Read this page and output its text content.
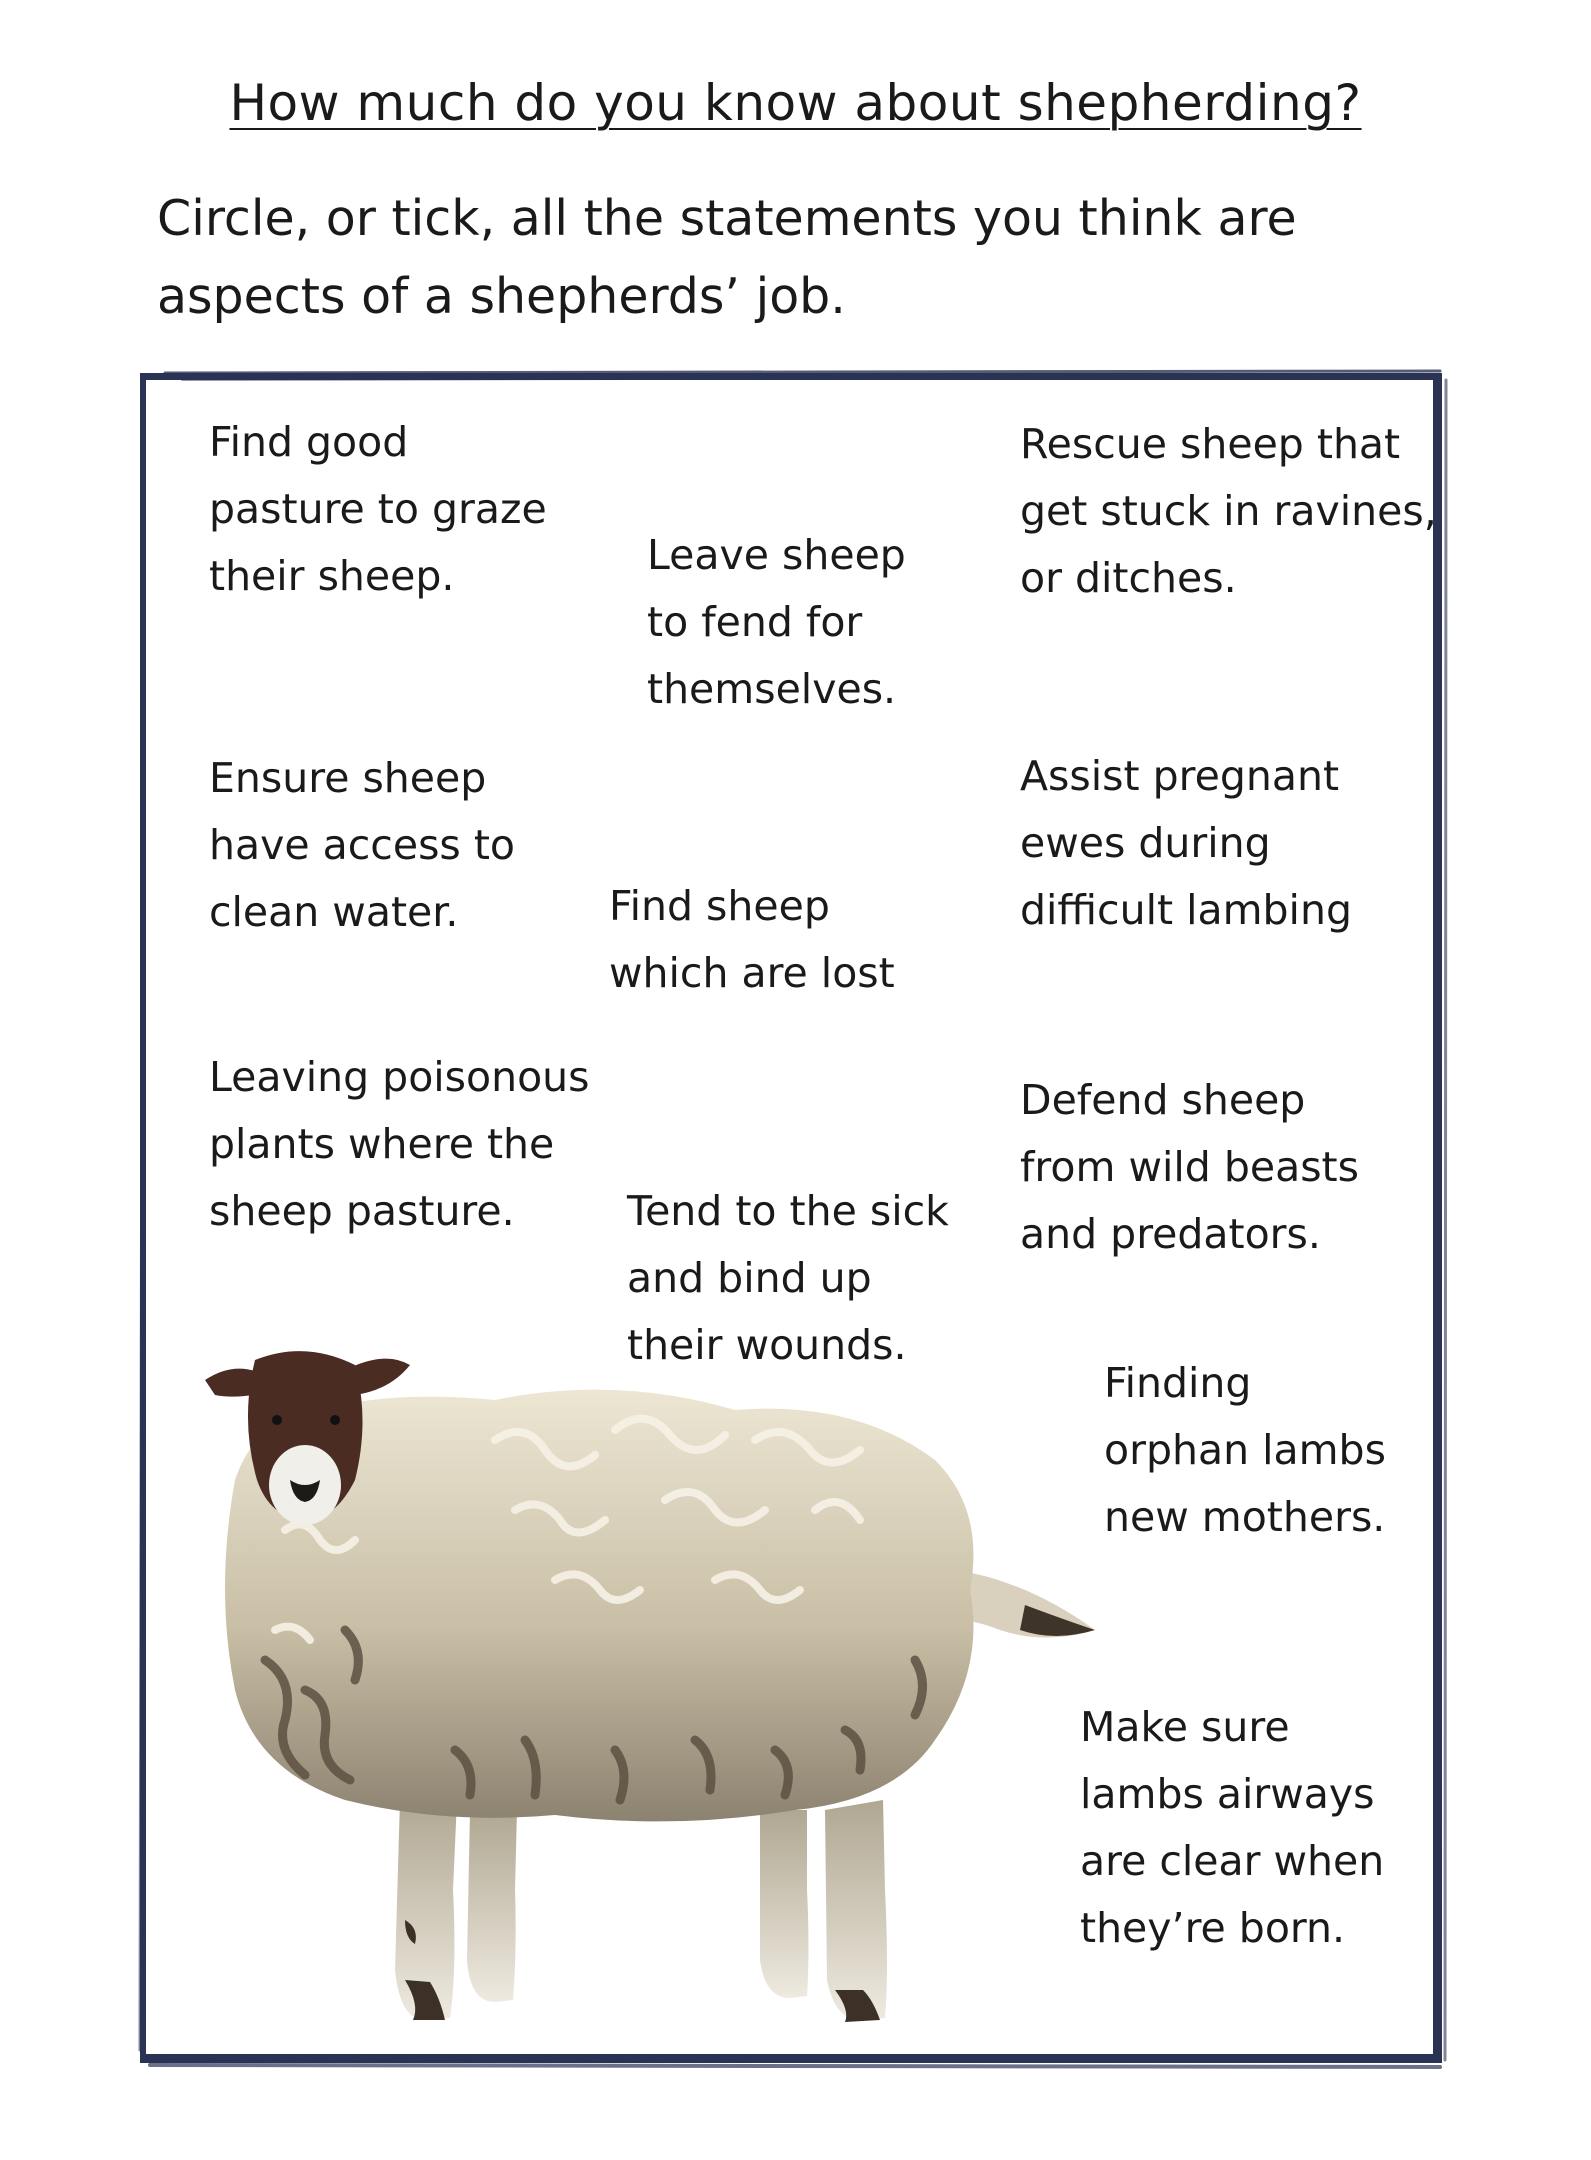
How much do you know about shepherding?

Circle, or tick, all the statements you think are aspects of a shepherds’ job.

Find good
pasture to graze
their sheep.	Leave sheep
to fend for
themselves.
Rescue sheep that
get stuck in ravines,
or ditches.
Ensure sheep
have access to
clean water.	Find sheep
which are lost
Assist pregnant
ewes during
difficult lambing
Leaving poisonous
plants where the
sheep pasture.	Tend to the sick
and bind up
their wounds.
Defend sheep
from wild beasts
and predators.
Finding
orphan lambs
new mothers.
Make sure
lambs airways
are clear when
they’re born.
